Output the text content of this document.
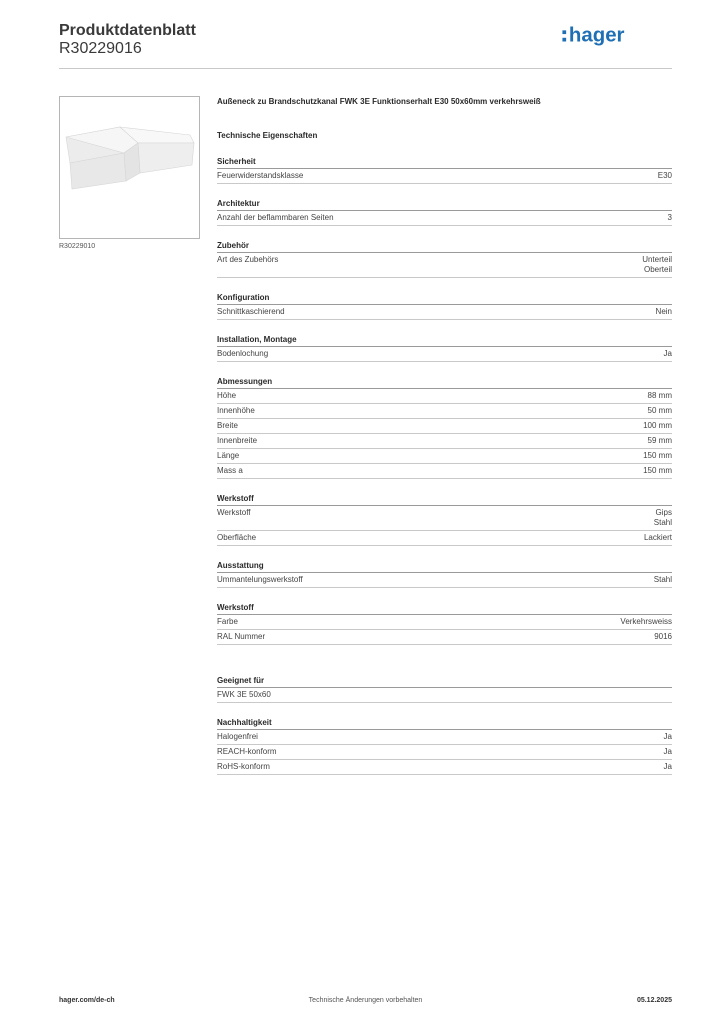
Produktdatenblatt
R30229016
hager
R30229010
Außeneck zu Brandschutzkanal FWK 3E Funktionserhalt E30 50x60mm verkehrsweiß
Technische Eigenschaften
Sicherheit
Feuerwiderstandsklasse	E30
Architektur
Anzahl der beflammbaren Seiten	3
Zubehör
Art des Zubehörs	Unterteil
Oberteil
Konfiguration
Schnittkaschierend	Nein
Installation, Montage
Bodenlochung	Ja
Abmessungen
Höhe	88 mm
Innenhöhe	50 mm
Breite	100 mm
Innenbreite	59 mm
Länge	150 mm
Mass a	150 mm
Werkstoff
Werkstoff	Gips
Stahl
Oberfläche	Lackiert
Ausstattung
Ummantelungswerkstoff	Stahl
Werkstoff
Farbe	Verkehrsweiss
RAL Nummer	9016
Geeignet für
FWK 3E 50x60
Nachhaltigkeit
Halogenfrei	Ja
REACH-konform	Ja
RoHS-konform	Ja
hager.com/de-ch	Technische Änderungen vorbehalten	05.12.2025
